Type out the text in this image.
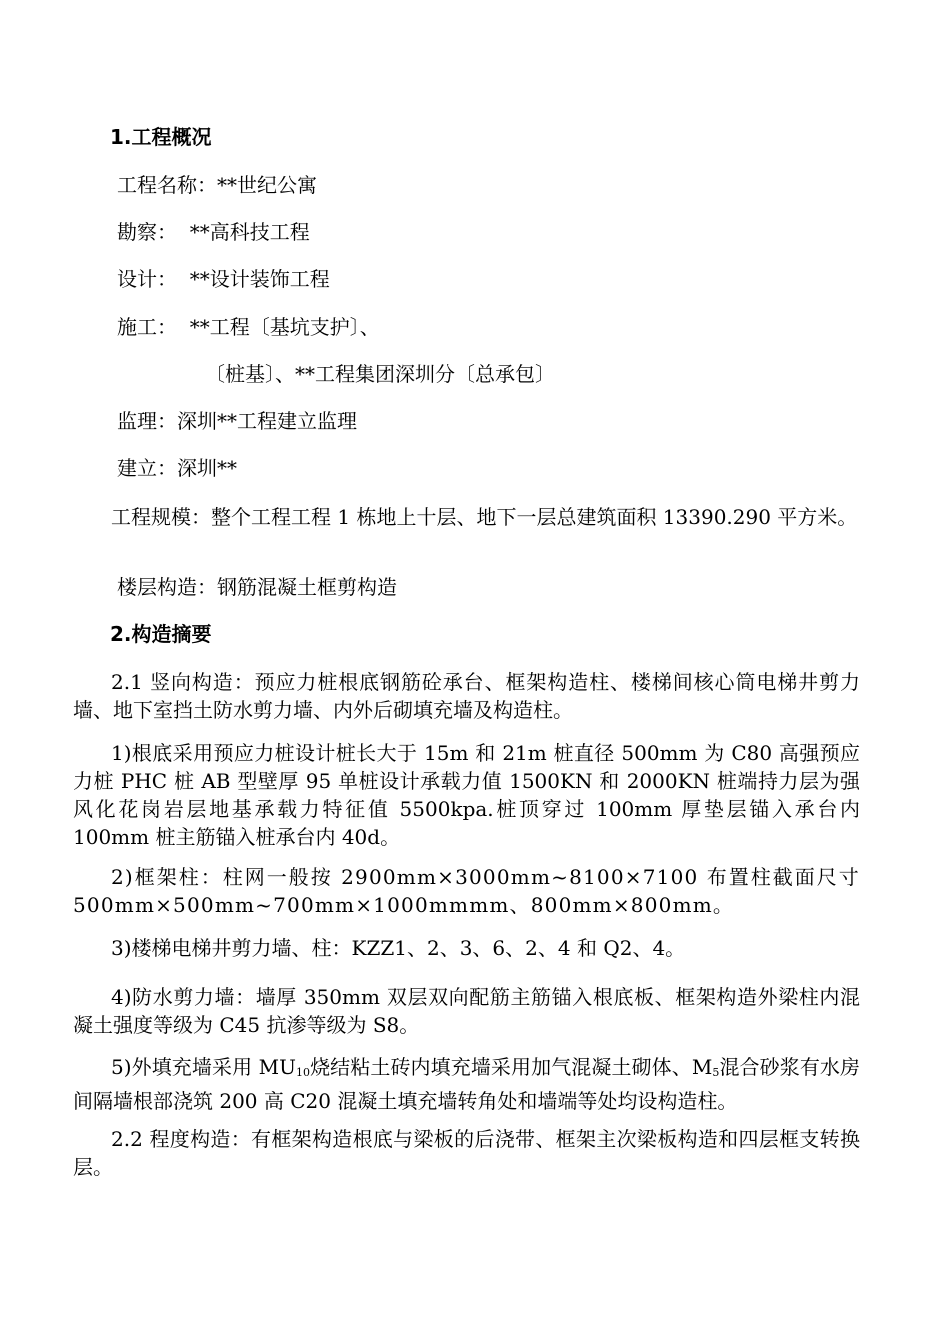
1.工程概况
工程名称：**世纪公寓
勘察：  **高科技工程
设计：  **设计装饰工程
施工：  **工程〔基坑支护〕、
〔桩基〕、**工程集团深圳分〔总承包〕
监理：深圳**工程建立监理
建立：深圳**
工程规模：整个工程工程 1 栋地上十层、地下一层总建筑面积 13390.290 平方米。
楼层构造：钢筋混凝土框剪构造
2.构造摘要
2.1 竖向构造：预应力桩根底钢筋砼承台、框架构造柱、楼梯间核心筒电梯井剪力墙、地下室挡土防水剪力墙、内外后砌填充墙及构造柱。
1)根底采用预应力桩设计桩长大于 15m 和 21m 桩直径 500mm 为 C80 高强预应力桩 PHC 桩 AB 型壁厚 95 单桩设计承载力值 1500KN 和 2000KN 桩端持力层为强风化花岗岩层地基承载力特征值 5500kpa.桩顶穿过 100mm 厚垫层锚入承台内 100mm 桩主筋锚入桩承台内 40d。
2)框架柱：柱网一般按 2900mm×3000mm~8100×7100 布置柱截面尺寸 500mm×500mm~700mm×1000mmmm、800mm×800mm。
3)楼梯电梯井剪力墙、柱：KZZ1、2、3、6、2、4 和 Q2、4。
4)防水剪力墙：墙厚 350mm 双层双向配筋主筋锚入根底板、框架构造外梁柱内混凝土强度等级为 C45 抗渗等级为 S8。
5)外填充墙采用 $MU_{10}$烧结粘土砖内填充墙采用加气混凝土砌体、$M_5$混合砂浆有水房间隔墙根部浇筑 200 高 C20 混凝土填充墙转角处和墙端等处均设构造柱。
2.2 程度构造：有框架构造根底与梁板的后浇带、框架主次梁板构造和四层框支转换层。
